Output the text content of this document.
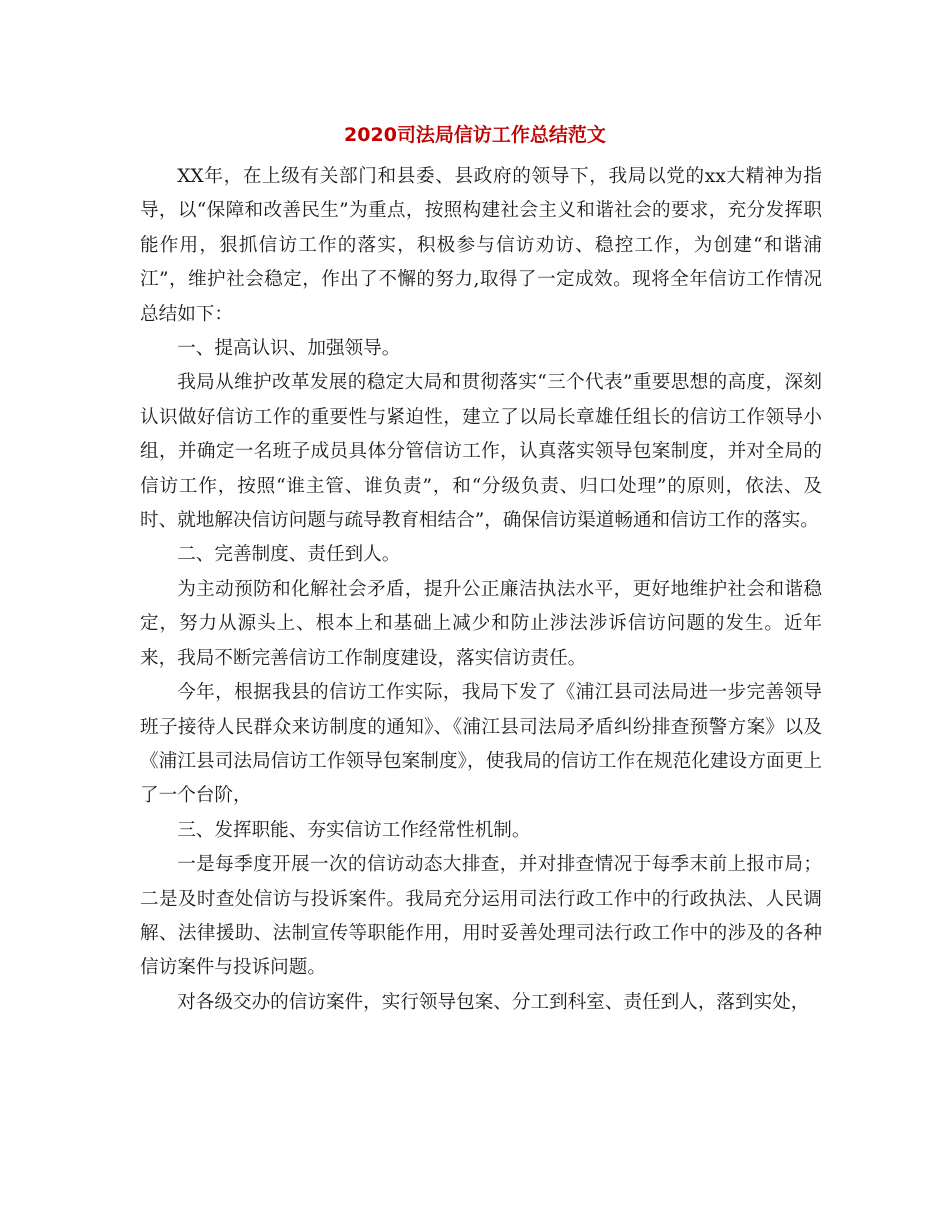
2020司法局信访工作总结范文

XX年，在上级有关部门和县委、县政府的领导下，我局以党的xx大精神为指导，以“保障和改善民生”为重点，按照构建社会主义和谐社会的要求，充分发挥职能作用，狠抓信访工作的落实，积极参与信访劝访、稳控工作，为创建“和谐浦江”，维护社会稳定，作出了不懈的努力,取得了一定成效。现将全年信访工作情况总结如下：

一、提高认识、加强领导。

我局从维护改革发展的稳定大局和贯彻落实“三个代表”重要思想的高度，深刻认识做好信访工作的重要性与紧迫性，建立了以局长章雄任组长的信访工作领导小组，并确定一名班子成员具体分管信访工作，认真落实领导包案制度，并对全局的信访工作，按照“谁主管、谁负责”，和“分级负责、归口处理”的原则，依法、及时、就地解决信访问题与疏导教育相结合”，确保信访渠道畅通和信访工作的落实。

二、完善制度、责任到人。

为主动预防和化解社会矛盾，提升公正廉洁执法水平，更好地维护社会和谐稳定，努力从源头上、根本上和基础上减少和防止涉法涉诉信访问题的发生。近年来，我局不断完善信访工作制度建设，落实信访责任。

今年，根据我县的信访工作实际，我局下发了《浦江县司法局进一步完善领导班子接待人民群众来访制度的通知》、《浦江县司法局矛盾纠纷排查预警方案》以及《浦江县司法局信访工作领导包案制度》，使我局的信访工作在规范化建设方面更上了一个台阶，

三、发挥职能、夯实信访工作经常性机制。

一是每季度开展一次的信访动态大排查，并对排查情况于每季末前上报市局；二是及时查处信访与投诉案件。我局充分运用司法行政工作中的行政执法、人民调解、法律援助、法制宣传等职能作用，用时妥善处理司法行政工作中的涉及的各种信访案件与投诉问题。

对各级交办的信访案件，实行领导包案、分工到科室、责任到人，落到实处，
